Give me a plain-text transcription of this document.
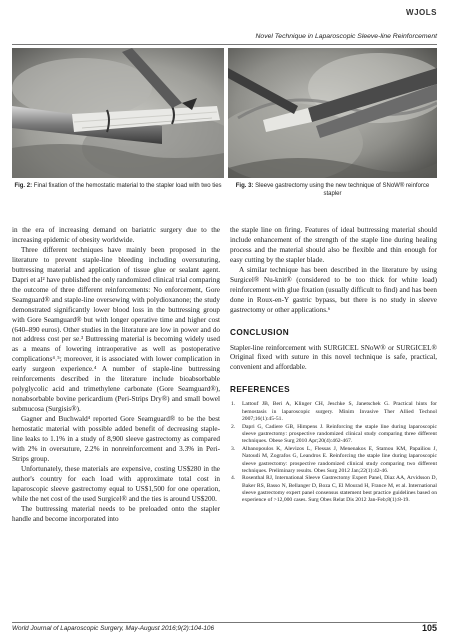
WJOLS
Novel Technique in Laparoscopic Sleeve-line Reinforcement
Fig. 2: Final fixation of the hemostatic material to the stapler load with two ties	Fig. 3: Sleeve gastrectomy using the new technique of SNoW® reinforce stapler

in the era of increasing demand on bariatric surgery due to the increasing epidemic of obesity worldwide.

Three different techniques have mainly been proposed in the literature to prevent staple-line bleeding including oversuturing, buttressing material and application of tissue glue or sealant agent. Dapri et al² have published the only randomized clinical trial comparing the outcome of three different reinforcements: No enforcement, Gore Seamguard® and staple-line oversewing with polydioxanone; the study demonstrated significantly lower blood loss in the buttressing group with Gore Seamguard® but with longer operative time and higher cost (640–890 euros). Other studies in the literature are low in power and do not address cost per se.³ Buttressing material is becoming widely used as a means of lowering intraoperative as well as postoperative complications⁴˒⁵; moreover, it is associated with lower complication in early surgeon experience.⁴ A number of staple-line buttressing reinforcements described in the literature include bioabsorbable polyglycolic acid and trimethylene carbonate (Gore Seamguard®), nonabsorbable bovine pericardium (Peri-Strips Dry®) and small bowel submucosa (Surgisis®).

Gagner and Buchwald⁴ reported Gore Seamguard® to be the best hemostatic material with possible added benefit of decreasing staple-line leaks to 1.1% in a study of 8,900 sleeve gastrectomy as compared with 2% in oversuture, 2.2% in nonreinforcement and 3.3% in Peri-Strips group.

Unfortunately, these materials are expensive, costing US$280 in the author's country for each load with approximate total cost in laparoscopic sleeve gastrectomy equal to US$1,500 for one operation, while the net cost of the used Surgicel® and the ties is around US$200.

The buttressing material needs to be preloaded onto the stapler handle and become incorporated into

the staple line on firing. Features of ideal buttressing material should include enhancement of the strength of the staple line during healing process and the material should also be flexible and thin enough for easy cutting by the stapler blade.

A similar technique has been described in the literature by using Surgicel® Nu-knit® (considered to be too thick for white load) reinforcement with glue fixation (usually difficult to find) and has been done in Roux-en-Y gastric bypass, but there is no study in sleeve gastrectomy or other applications.⁶

CONCLUSION

Stapler-line reinforcement with SURGICEL SNoW® or SURGICEL® Original fixed with suture in this novel technique is safe, practical, convenient and affordable.

REFERENCES

1. Lattouf JB, Beri A, Klinger CH, Jeschke S, Janetschek G. Practical hints for hemostasis in laparoscopic surgery. Minim Invasive Ther Allied Technol 2007;16(1):45-51.
2. Dapri G, Cadiere GB, Himpens J. Reinforcing the staple line during laparoscopic sleeve gastrectomy: prospective randomized clinical study comparing three different techniques. Obese Surg 2010 Apr;20(4):462-467.
3. Albanopoulos K, Alevizos L, Flessas J, Menenakos E, Stamou KM, Papailiou J, Natoudi M, Zografos G, Leandros E. Reinforcing the staple line during laparoscopic sleeve gastrectomy: prospective randomized clinical study comparing two different techniques. Preliminary results. Obes Surg 2012 Jan;22(1):42-46.
4. Rosenthal RJ, International Sleeve Gastrectomy Expert Panel, Diaz AA, Arvidsson D, Baker RS, Basso N, Bellanger D, Boza C, El Mourad H, France M, et al. International sleeve gastrectomy expert panel consensus statement best practice guidelines based on experience of >12,000 cases. Surg Obes Relat Dis 2012 Jan-Feb;8(1):8-19.
World Journal of Laparoscopic Surgery, May-August 2016;9(2):104-106	105
